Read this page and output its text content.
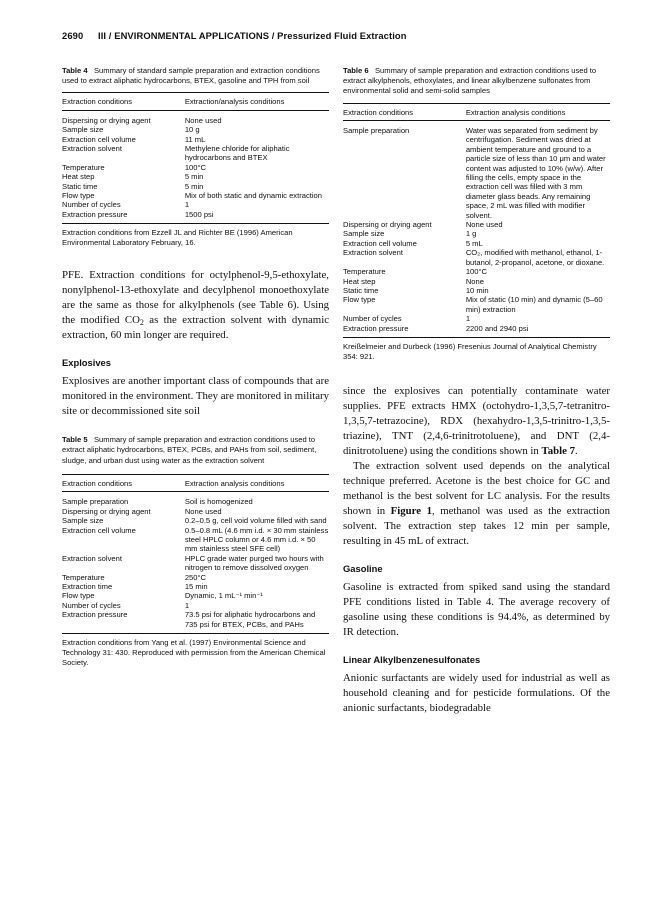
2690 III / ENVIRONMENTAL APPLICATIONS / Pressurized Fluid Extraction

Table 4 Summary of standard sample preparation and extraction conditions used to extract aliphatic hydrocarbons, BTEX, gasoline and TPH from soil

Extraction conditions	Extraction/analysis conditions
Dispersing or drying agent	None used
Sample size	10 g
Extraction cell volume	11 mL
Extraction solvent	Methylene chloride for aliphatic hydrocarbons and BTEX
Temperature	100°C
Heat step	5 min
Static time	5 min
Flow type	Mix of both static and dynamic extraction
Number of cycles	1
Extraction pressure	1500 psi

Extraction conditions from Ezzell JL and Richter BE (1996) American Environmental Laboratory February, 16.

PFE. Extraction conditions for octylphenol-9,5-ethoxylate, nonylphenol-13-ethoxylate and decylphenol monoethoxylate are the same as those for alkylphenols (see Table 6). Using the modified $CO_2$ as the extraction solvent with dynamic extraction, 60 min longer are required.

Explosives

Explosives are another important class of compounds that are monitored in the environment. They are monitored in military site or decommissioned site soil

Table 5 Summary of sample preparation and extraction conditions used to extract aliphatic hydrocarbons, BTEX, PCBs, and PAHs from soil, sediment, sludge, and urban dust using water as the extraction solvent

Extraction conditions	Extraction analysis conditions
Sample preparation	Soil is homogenized
Dispersing or drying agent	None used
Sample size	0.2–0.5 g, cell void volume filled with sand
Extraction cell volume	0.5–0.8 mL (4.6 mm i.d. × 30 mm stainless steel HPLC column or 4.6 mm i.d. × 50 mm stainless steel SFE cell)
Extraction solvent	HPLC grade water purged two hours with nitrogen to remove dissolved oxygen
Temperature	250°C
Extraction time	15 min
Flow type	Dynamic, 1 mL⁻¹ min⁻¹
Number of cycles	1
Extraction pressure	73.5 psi for aliphatic hydrocarbons and 735 psi for BTEX, PCBs, and PAHs

Extraction conditions from Yang et al. (1997) Environmental Science and Technology 31: 430. Reproduced with permission from the American Chemical Society.

Table 6 Summary of sample preparation and extraction conditions used to extract alkylphenols, ethoxylates, and linear alkylbenzene sulfonates from environmental solid and semi-solid samples

Extraction conditions	Extraction analysis conditions
Sample preparation	Water was separated from sediment by centrifugation. Sediment was dried at ambient temperature and ground to a particle size of less than 10 μm and water content was adjusted to 10% (w/w). After filling the cells, empty space in the extraction cell was filled with 3 mm diameter glass beads. Any remaining space, 2 mL was filled with modifier solvent.
Dispersing or drying agent	None used
Sample size	1 g
Extraction cell volume	5 mL
Extraction solvent	CO₂, modified with methanol, ethanol, 1-butanol, 2-propanol, acetone, or dioxane.
Temperature	100°C
Heat step	None
Static time	10 min
Flow type	Mix of static (10 min) and dynamic (5–60 min) extraction
Number of cycles	1
Extraction pressure	2200 and 2940 psi

Kreißelmeier and Durbeck (1996) Fresenius Journal of Analytical Chemistry 354: 921.

since the explosives can potentially contaminate water supplies. PFE extracts HMX (octohydro-1,3,5,7-tetranitro-1,3,5,7-tetrazocine), RDX (hexahydro-1,3,5-trinitro-1,3,5-triazine), TNT (2,4,6-trinitrotoluene), and DNT (2,4-dinitrotoluene) using the conditions shown in Table 7.

The extraction solvent used depends on the analytical technique preferred. Acetone is the best choice for GC and methanol is the best solvent for LC analysis. For the results shown in Figure 1, methanol was used as the extraction solvent. The extraction step takes 12 min per sample, resulting in 45 mL of extract.

Gasoline

Gasoline is extracted from spiked sand using the standard PFE conditions listed in Table 4. The average recovery of gasoline using these conditions is 94.4%, as determined by IR detection.

Linear Alkylbenzenesulfonates

Anionic surfactants are widely used for industrial as well as household cleaning and for pesticide formulations. Of the anionic surfactants, biodegradable
